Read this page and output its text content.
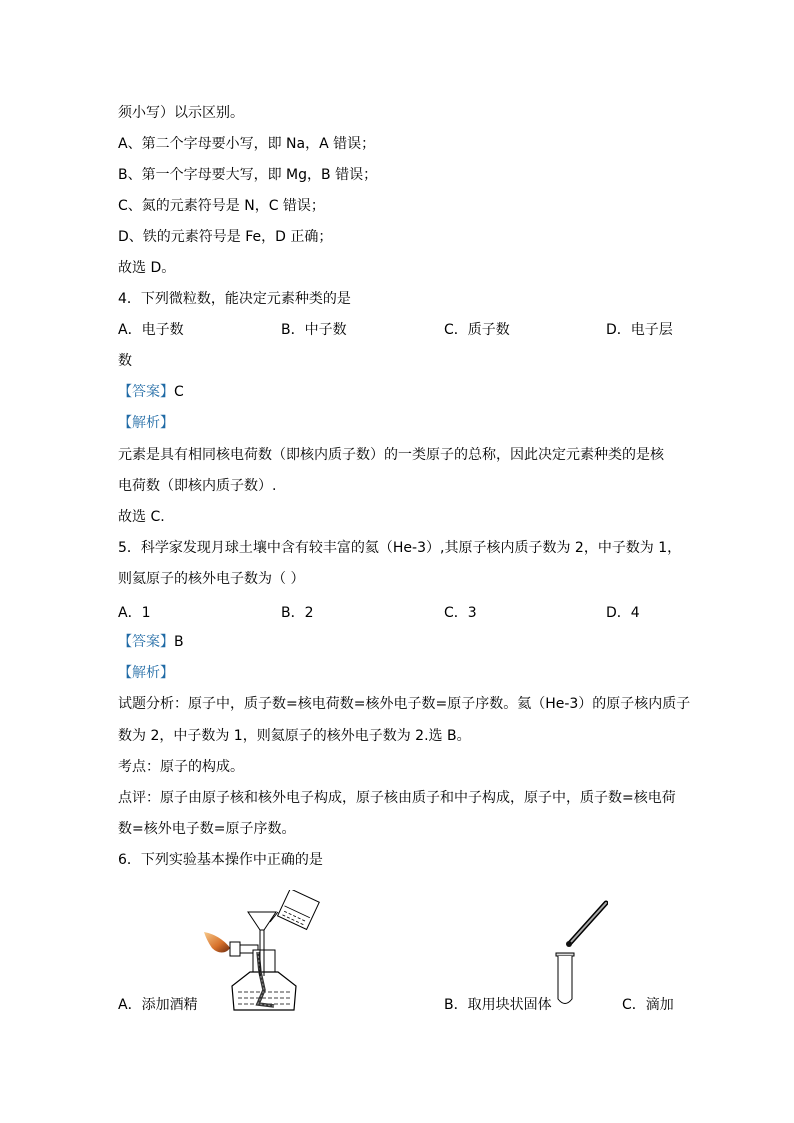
须小写）以示区别。
A、第二个字母要小写，即 Na，A 错误；
B、第一个字母要大写，即 Mg，B 错误；
C、氮的元素符号是 N，C 错误；
D、铁的元素符号是 Fe，D 正确；
故选 D。
4．下列微粒数，能决定元素种类的是
A．电子数	B．中子数	C．质子数	D．电子层
数
【答案】C
【解析】
元素是具有相同核电荷数（即核内质子数）的一类原子的总称，因此决定元素种类的是核
电荷数（即核内质子数）.
故选 C.
5．科学家发现月球土壤中含有较丰富的氦（He-3）,其原子核内质子数为 2，中子数为 1，
则氦原子的核外电子数为（ ）
A．1	B．2	C．3	D．4
【答案】B
【解析】
试题分析：原子中，质子数=核电荷数=核外电子数=原子序数。氦（He-3）的原子核内质子
数为 2，中子数为 1，则氦原子的核外电子数为 2.选 B。
考点：原子的构成。
点评：原子由原子核和核外电子构成，原子核由质子和中子构成，原子中，质子数=核电荷
数=核外电子数=原子序数。
6．下列实验基本操作中正确的是
A．添加酒精	B．取用块状固体	C．滴加
